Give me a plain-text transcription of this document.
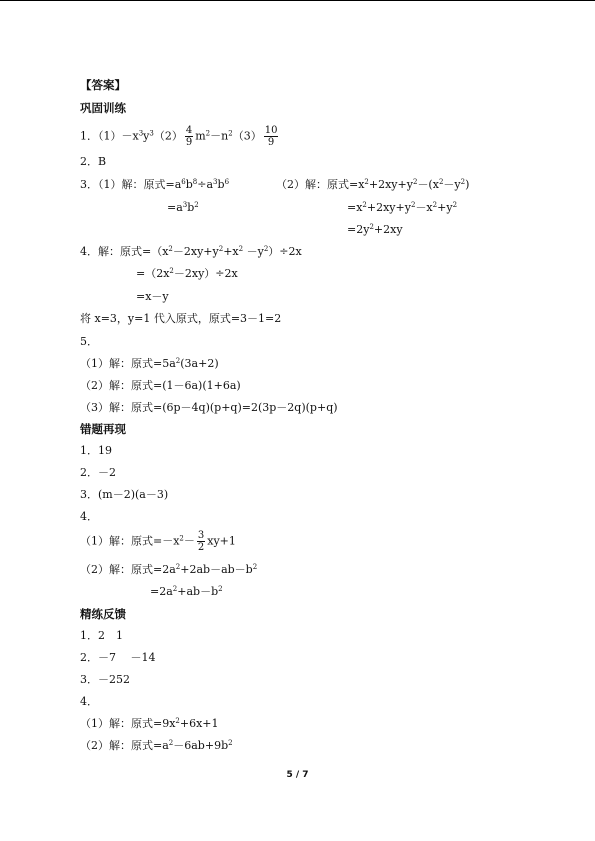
【答案】
巩固训练
1．$(1)-x^3y^3(2) \frac{4}{9} m^2-n^2(3) \frac{10}{9}$
2．B
3．（1）解：原式$=a^6b^8\div a^3b^6$
$=a^3b^2$
（2）解：原式$=x^2+2xy+y^2-(x^2-y^2)$
$=x^2+2xy+y^2-x^2+y^2$
$=2y^2+2xy$
4．解：原式$=(x^2-2xy+y^2+x^2 -y^2)\div 2x$
$=(2x^2-2xy)\div 2x$
=x－y
将 x=3，y=1 代入原式，原式=3－1=2
5．
（1）解：原式$=5a^2(3a+2)$
（2）解：原式=(1－6a)(1+6a)
（3）解：原式=(6p－4q)(p+q)=2(3p－2q)(p+q)
错题再现
1．19
2．－2
3．(m－2)(a－3)
4．
（1）解：原式$=-x^2- \frac{3}{2} xy+1$
（2）解：原式$=2a^2+2ab-ab-b^2$
$=2a^2+ab-b^2$
精练反馈
1．2　1
2．－7　 －14
3．－252
4．
（1）解：原式$=9x^2+6x+1$
（2）解：原式$=a^2-6ab+9b^2$
5 / 7
